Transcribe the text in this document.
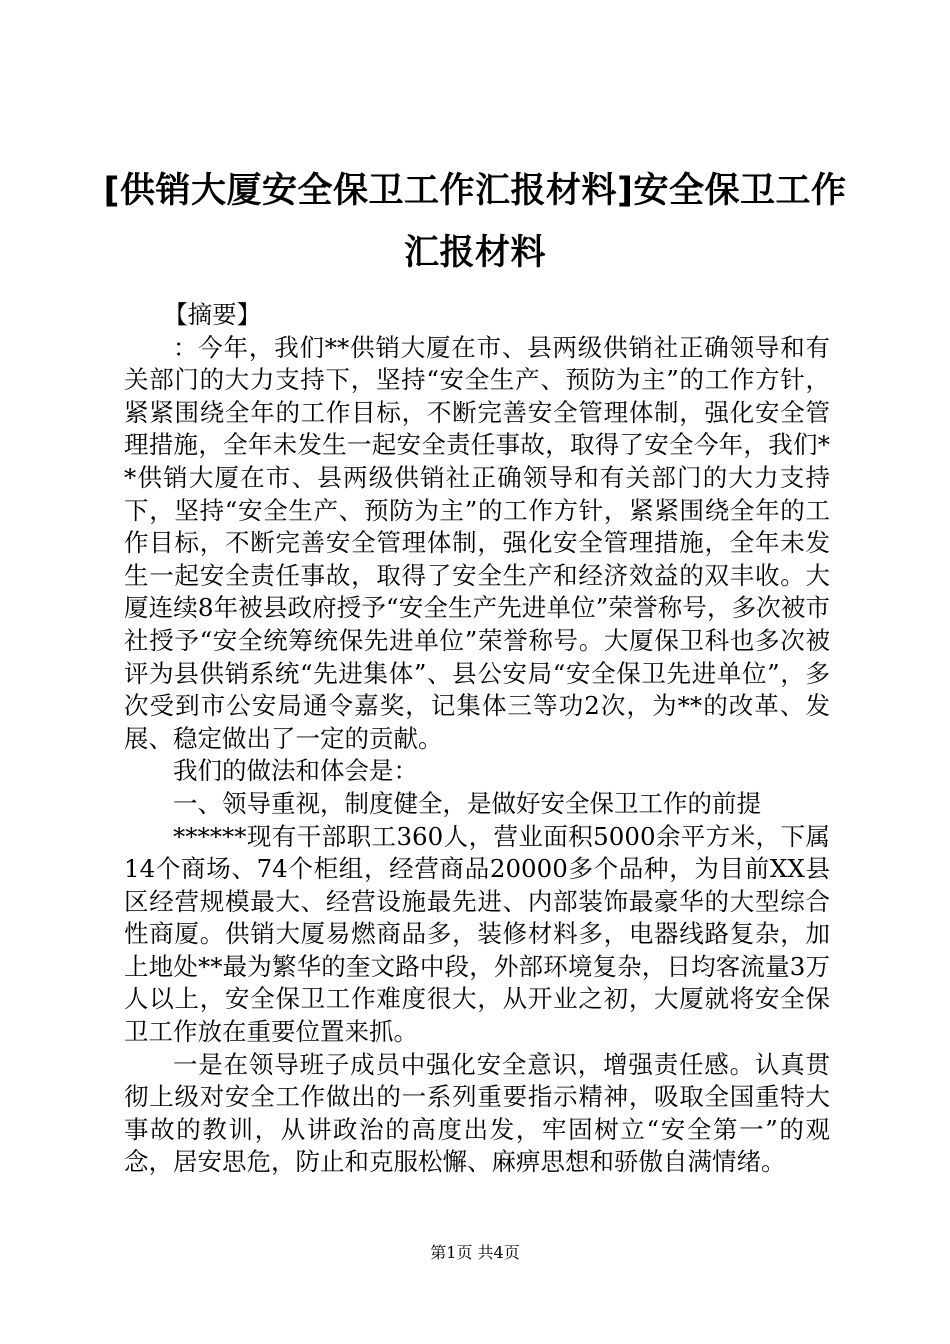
[供销大厦安全保卫工作汇报材料]安全保卫工作汇报材料

【摘要】

：今年，我们**供销大厦在市、县两级供销社正确领导和有关部门的大力支持下，坚持“安全生产、预防为主”的工作方针，紧紧围绕全年的工作目标，不断完善安全管理体制，强化安全管理措施，全年未发生一起安全责任事故，取得了安全今年，我们**供销大厦在市、县两级供销社正确领导和有关部门的大力支持下，坚持“安全生产、预防为主”的工作方针，紧紧围绕全年的工作目标，不断完善安全管理体制，强化安全管理措施，全年未发生一起安全责任事故，取得了安全生产和经济效益的双丰收。大厦连续8年被县政府授予“安全生产先进单位”荣誉称号，多次被市社授予“安全统筹统保先进单位”荣誉称号。大厦保卫科也多次被评为县供销系统“先进集体”、县公安局“安全保卫先进单位”，多次受到市公安局通令嘉奖，记集体三等功2次，为**的改革、发展、稳定做出了一定的贡献。

我们的做法和体会是：

一、领导重视，制度健全，是做好安全保卫工作的前提

******现有干部职工360人，营业面积5000余平方米，下属14个商场、74个柜组，经营商品20000多个品种，为目前XX县区经营规模最大、经营设施最先进、内部装饰最豪华的大型综合性商厦。供销大厦易燃商品多，装修材料多，电器线路复杂，加上地处**最为繁华的奎文路中段，外部环境复杂，日均客流量3万人以上，安全保卫工作难度很大，从开业之初，大厦就将安全保卫工作放在重要位置来抓。

一是在领导班子成员中强化安全意识，增强责任感。认真贯彻上级对安全工作做出的一系列重要指示精神，吸取全国重特大事故的教训，从讲政治的高度出发，牢固树立“安全第一”的观念，居安思危，防止和克服松懈、麻痹思想和骄傲自满情绪。

第1页 共4页
